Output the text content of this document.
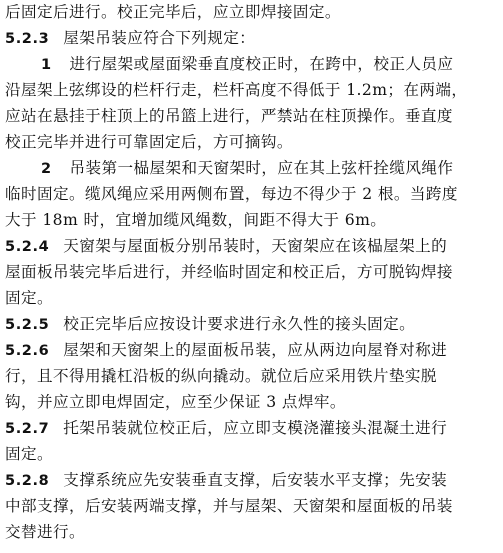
后固定后进行。校正完毕后，应立即焊接固定。
5.2.3 屋架吊装应符合下列规定：
1 进行屋架或屋面梁垂直度校正时，在跨中，校正人员应
沿屋架上弦绑设的栏杆行走，栏杆高度不得低于 1.2m；在两端，
应站在悬挂于柱顶上的吊篮上进行，严禁站在柱顶操作。垂直度
校正完毕并进行可靠固定后，方可摘钩。
2 吊装第一榀屋架和天窗架时，应在其上弦杆拴缆风绳作
临时固定。缆风绳应采用两侧布置，每边不得少于 2 根。当跨度
大于 18m 时，宜增加缆风绳数，间距不得大于 6m。
5.2.4 天窗架与屋面板分别吊装时，天窗架应在该榀屋架上的
屋面板吊装完毕后进行，并经临时固定和校正后，方可脱钩焊接
固定。
5.2.5 校正完毕后应按设计要求进行永久性的接头固定。
5.2.6 屋架和天窗架上的屋面板吊装，应从两边向屋脊对称进
行，且不得用撬杠沿板的纵向撬动。就位后应采用铁片垫实脱
钩，并应立即电焊固定，应至少保证 3 点焊牢。
5.2.7 托架吊装就位校正后，应立即支模浇灌接头混凝土进行
固定。
5.2.8 支撑系统应先安装垂直支撑，后安装水平支撑；先安装
中部支撑，后安装两端支撑，并与屋架、天窗架和屋面板的吊装
交替进行。
